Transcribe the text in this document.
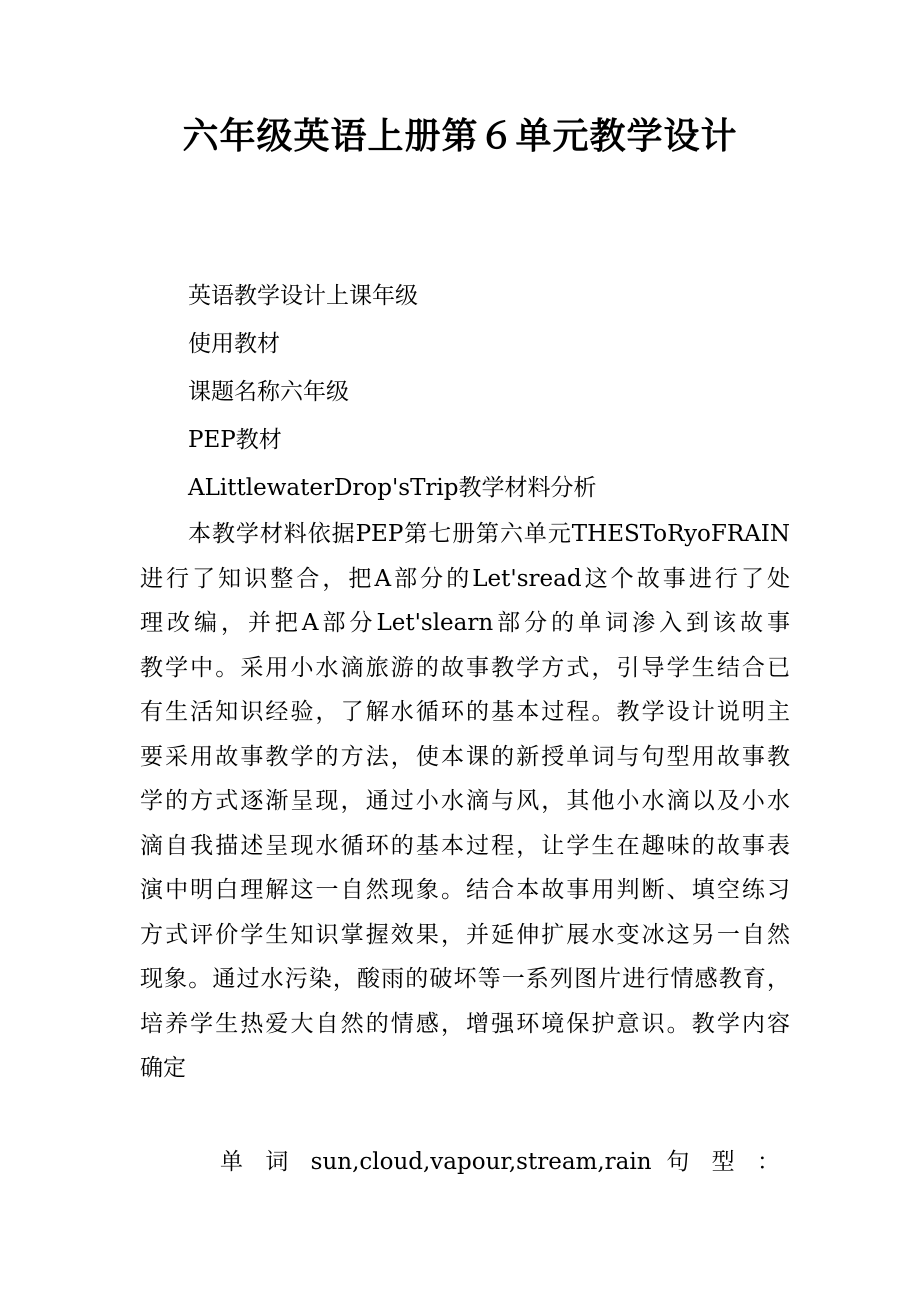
六年级英语上册第６单元教学设计
英语教学设计上课年级
使用教材
课题名称六年级
PEP教材
ALittlewaterDrop'sTrip教学材料分析
本教学材料依据PEP第七册第六单元THESToRyoFRAIN
进行了知识整合，把A部分的Let'sread这个故事进行了处
理改编，并把A部分Let'slearn部分的单词渗入到该故事
教学中。采用小水滴旅游的故事教学方式，引导学生结合已
有生活知识经验，了解水循环的基本过程。教学设计说明主
要采用故事教学的方法，使本课的新授单词与句型用故事教
学的方式逐渐呈现，通过小水滴与风，其他小水滴以及小水
滴自我描述呈现水循环的基本过程，让学生在趣味的故事表
演中明白理解这一自然现象。结合本故事用判断、填空练习
方式评价学生知识掌握效果，并延伸扩展水变冰这另一自然
现象。通过水污染，酸雨的破坏等一系列图片进行情感教育，
培养学生热爱大自然的情感，增强环境保护意识。教学内容
确定
单 词 sun,cloud,vapour,stream,rain 句 型 ：
